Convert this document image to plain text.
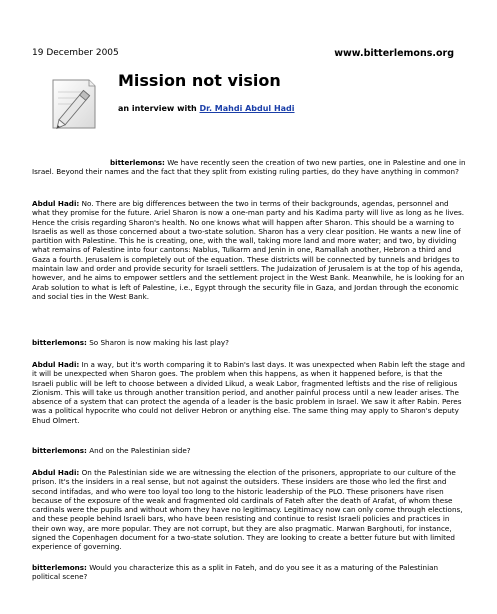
19 December 2005	www.bitterlemons.org
Mission not vision
an interview with Dr. Mahdi Abdul Hadi

bitterlemons: We have recently seen the creation of two new parties, one in Palestine and one in Israel. Beyond their names and the fact that they split from existing ruling parties, do they have anything in common?

Abdul Hadi: No. There are big differences between the two in terms of their backgrounds, agendas, personnel and what they promise for the future. Ariel Sharon is now a one-man party and his Kadima party will live as long as he lives. Hence the crisis regarding Sharon's health. No one knows what will happen after Sharon. This should be a warning to Israelis as well as those concerned about a two-state solution. Sharon has a very clear position. He wants a new line of partition with Palestine. This he is creating, one, with the wall, taking more land and more water; and two, by dividing what remains of Palestine into four cantons: Nablus, Tulkarm and Jenin in one, Ramallah another, Hebron a third and Gaza a fourth. Jerusalem is completely out of the equation. These districts will be connected by tunnels and bridges to maintain law and order and provide security for Israeli settlers. The Judaization of Jerusalem is at the top of his agenda, however, and he aims to empower settlers and the settlement project in the West Bank. Meanwhile, he is looking for an Arab solution to what is left of Palestine, i.e., Egypt through the security file in Gaza, and Jordan through the economic and social ties in the West Bank.

bitterlemons: So Sharon is now making his last play?

Abdul Hadi: In a way, but it's worth comparing it to Rabin's last days. It was unexpected when Rabin left the stage and it will be unexpected when Sharon goes. The problem when this happens, as when it happened before, is that the Israeli public will be left to choose between a divided Likud, a weak Labor, fragmented leftists and the rise of religious Zionism. This will take us through another transition period, and another painful process until a new leader arises. The absence of a system that can protect the agenda of a leader is the basic problem in Israel. We saw it after Rabin. Peres was a political hypocrite who could not deliver Hebron or anything else. The same thing may apply to Sharon's deputy Ehud Olmert.

bitterlemons: And on the Palestinian side?

Abdul Hadi: On the Palestinian side we are witnessing the election of the prisoners, appropriate to our culture of the prison. It's the insiders in a real sense, but not against the outsiders. These insiders are those who led the first and second intifadas, and who were too loyal too long to the historic leadership of the PLO. These prisoners have risen because of the exposure of the weak and fragmented old cardinals of Fateh after the death of Arafat, of whom these cardinals were the pupils and without whom they have no legitimacy. Legitimacy now can only come through elections, and these people behind Israeli bars, who have been resisting and continue to resist Israeli policies and practices in their own way, are more popular. They are not corrupt, but they are also pragmatic. Marwan Barghouti, for instance, signed the Copenhagen document for a two-state solution. They are looking to create a better future but with limited experience of governing.

bitterlemons: Would you characterize this as a split in Fateh, and do you see it as a maturing of the Palestinian political scene?
